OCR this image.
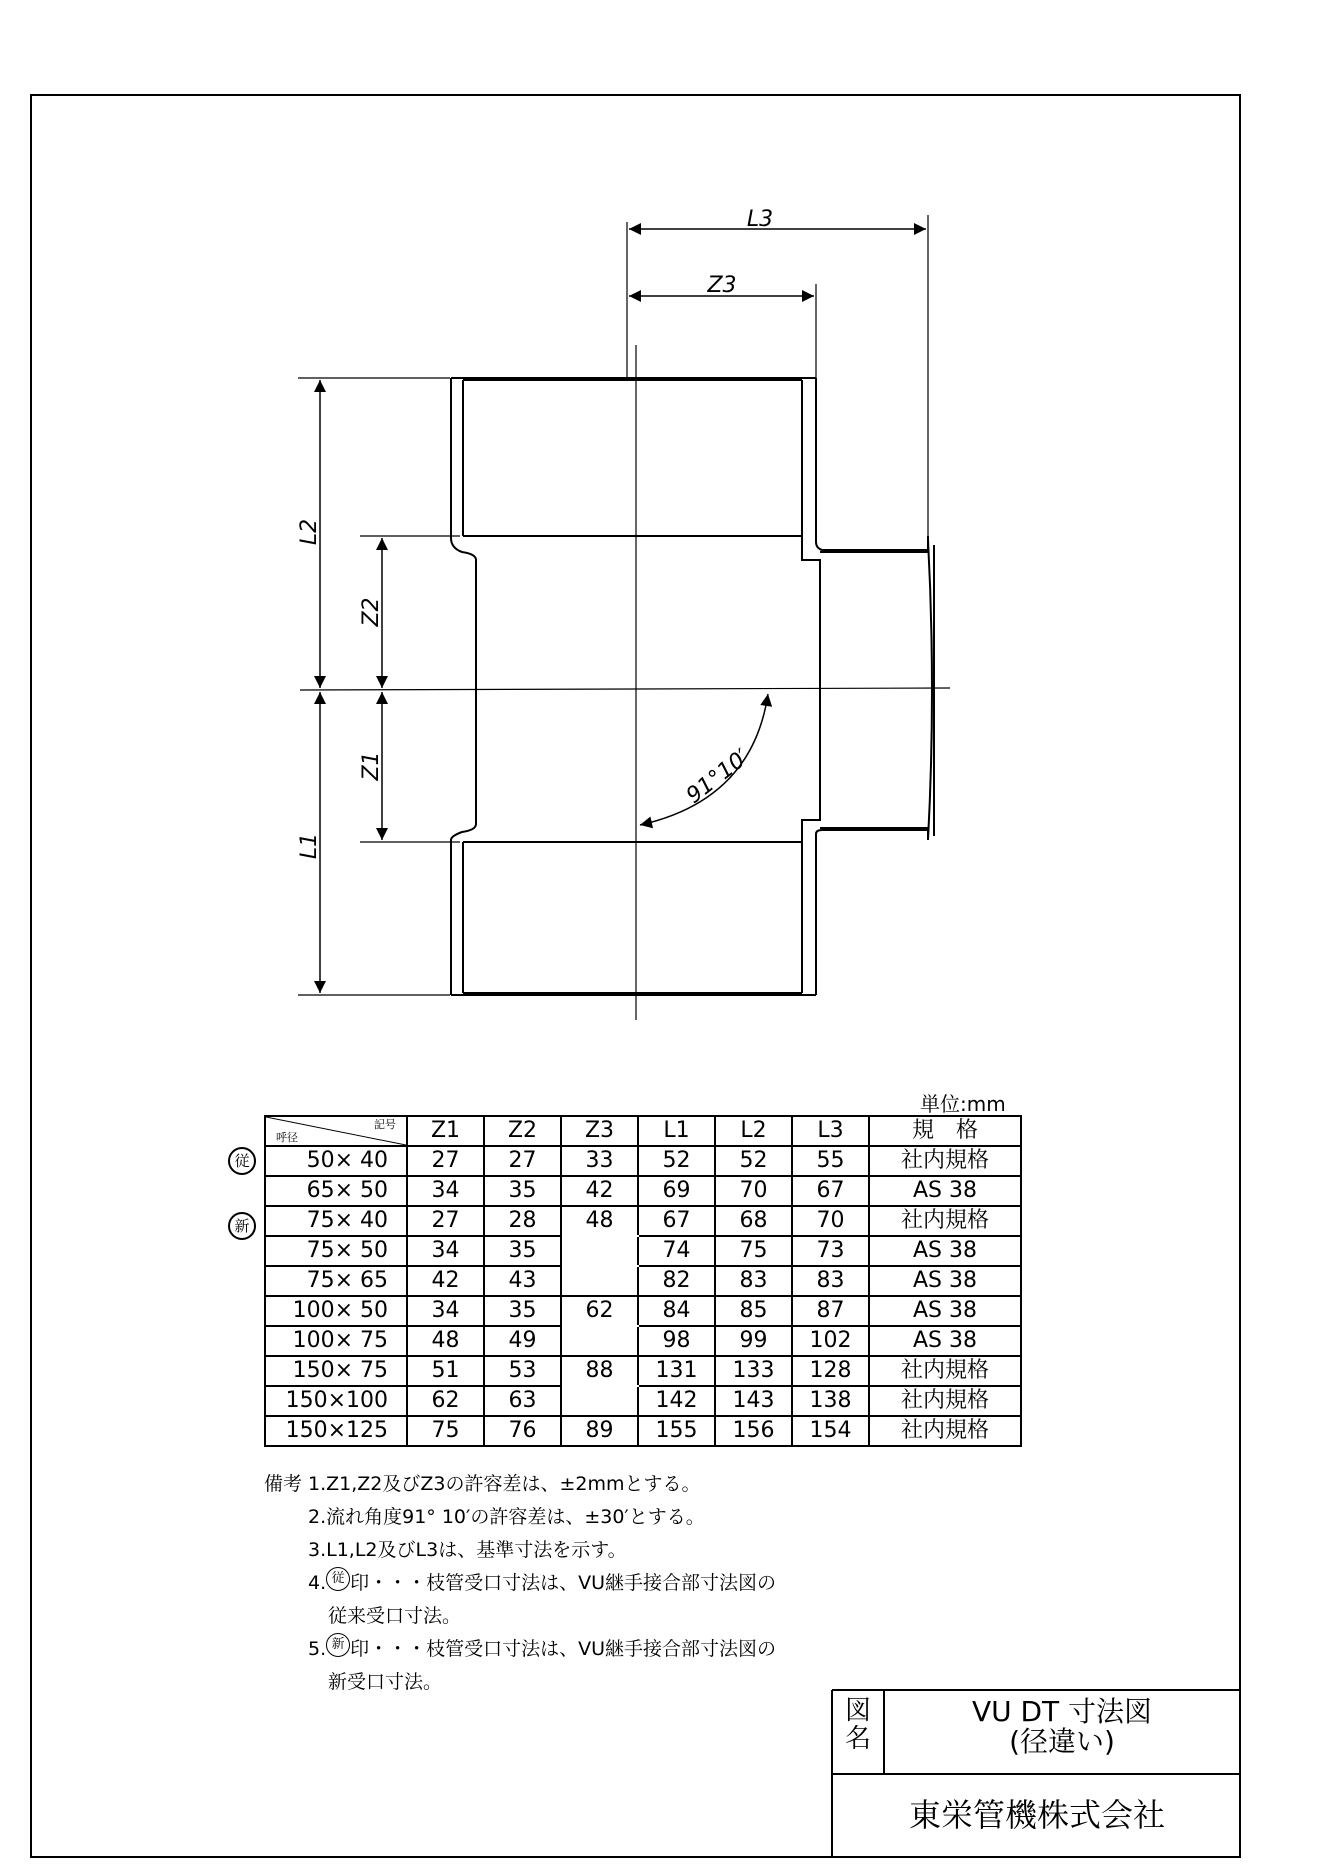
L3
Z3
L2
L1
Z2
Z1	91°10′
単位:mm
従
新
呼径
記号	Z1	Z2	Z3	L1	L2	L3	規　格
50× 40	27	27	33	52	52	55	社内規格
65× 50	34	35	42	69	70	67	AS 38
75× 40	27	28	48	67	68	70	社内規格
75× 50	34	35		74	75	73	AS 38
75× 65	42	43		82	83	83	AS 38
100× 50	34	35	62	84	85	87	AS 38
100× 75	48	49		98	99	102	AS 38
150× 75	51	53	88	131	133	128	社内規格
150×100	62	63		142	143	138	社内規格
150×125	75	76	89	155	156	154	社内規格
備考 1.Z1,Z2及びZ3の許容差は、±2mmとする。
2.流れ角度91° 10′の許容差は、±30′とする。
3.L1,L2及びL3は、基準寸法を示す。
4. 従 印・・・枝管受口寸法は、VU継手接合部寸法図の
従来受口寸法。
5. 新 印・・・枝管受口寸法は、VU継手接合部寸法図の
新受口寸法。
図名
VU DT 寸法図
(径違い)
東栄管機株式会社
